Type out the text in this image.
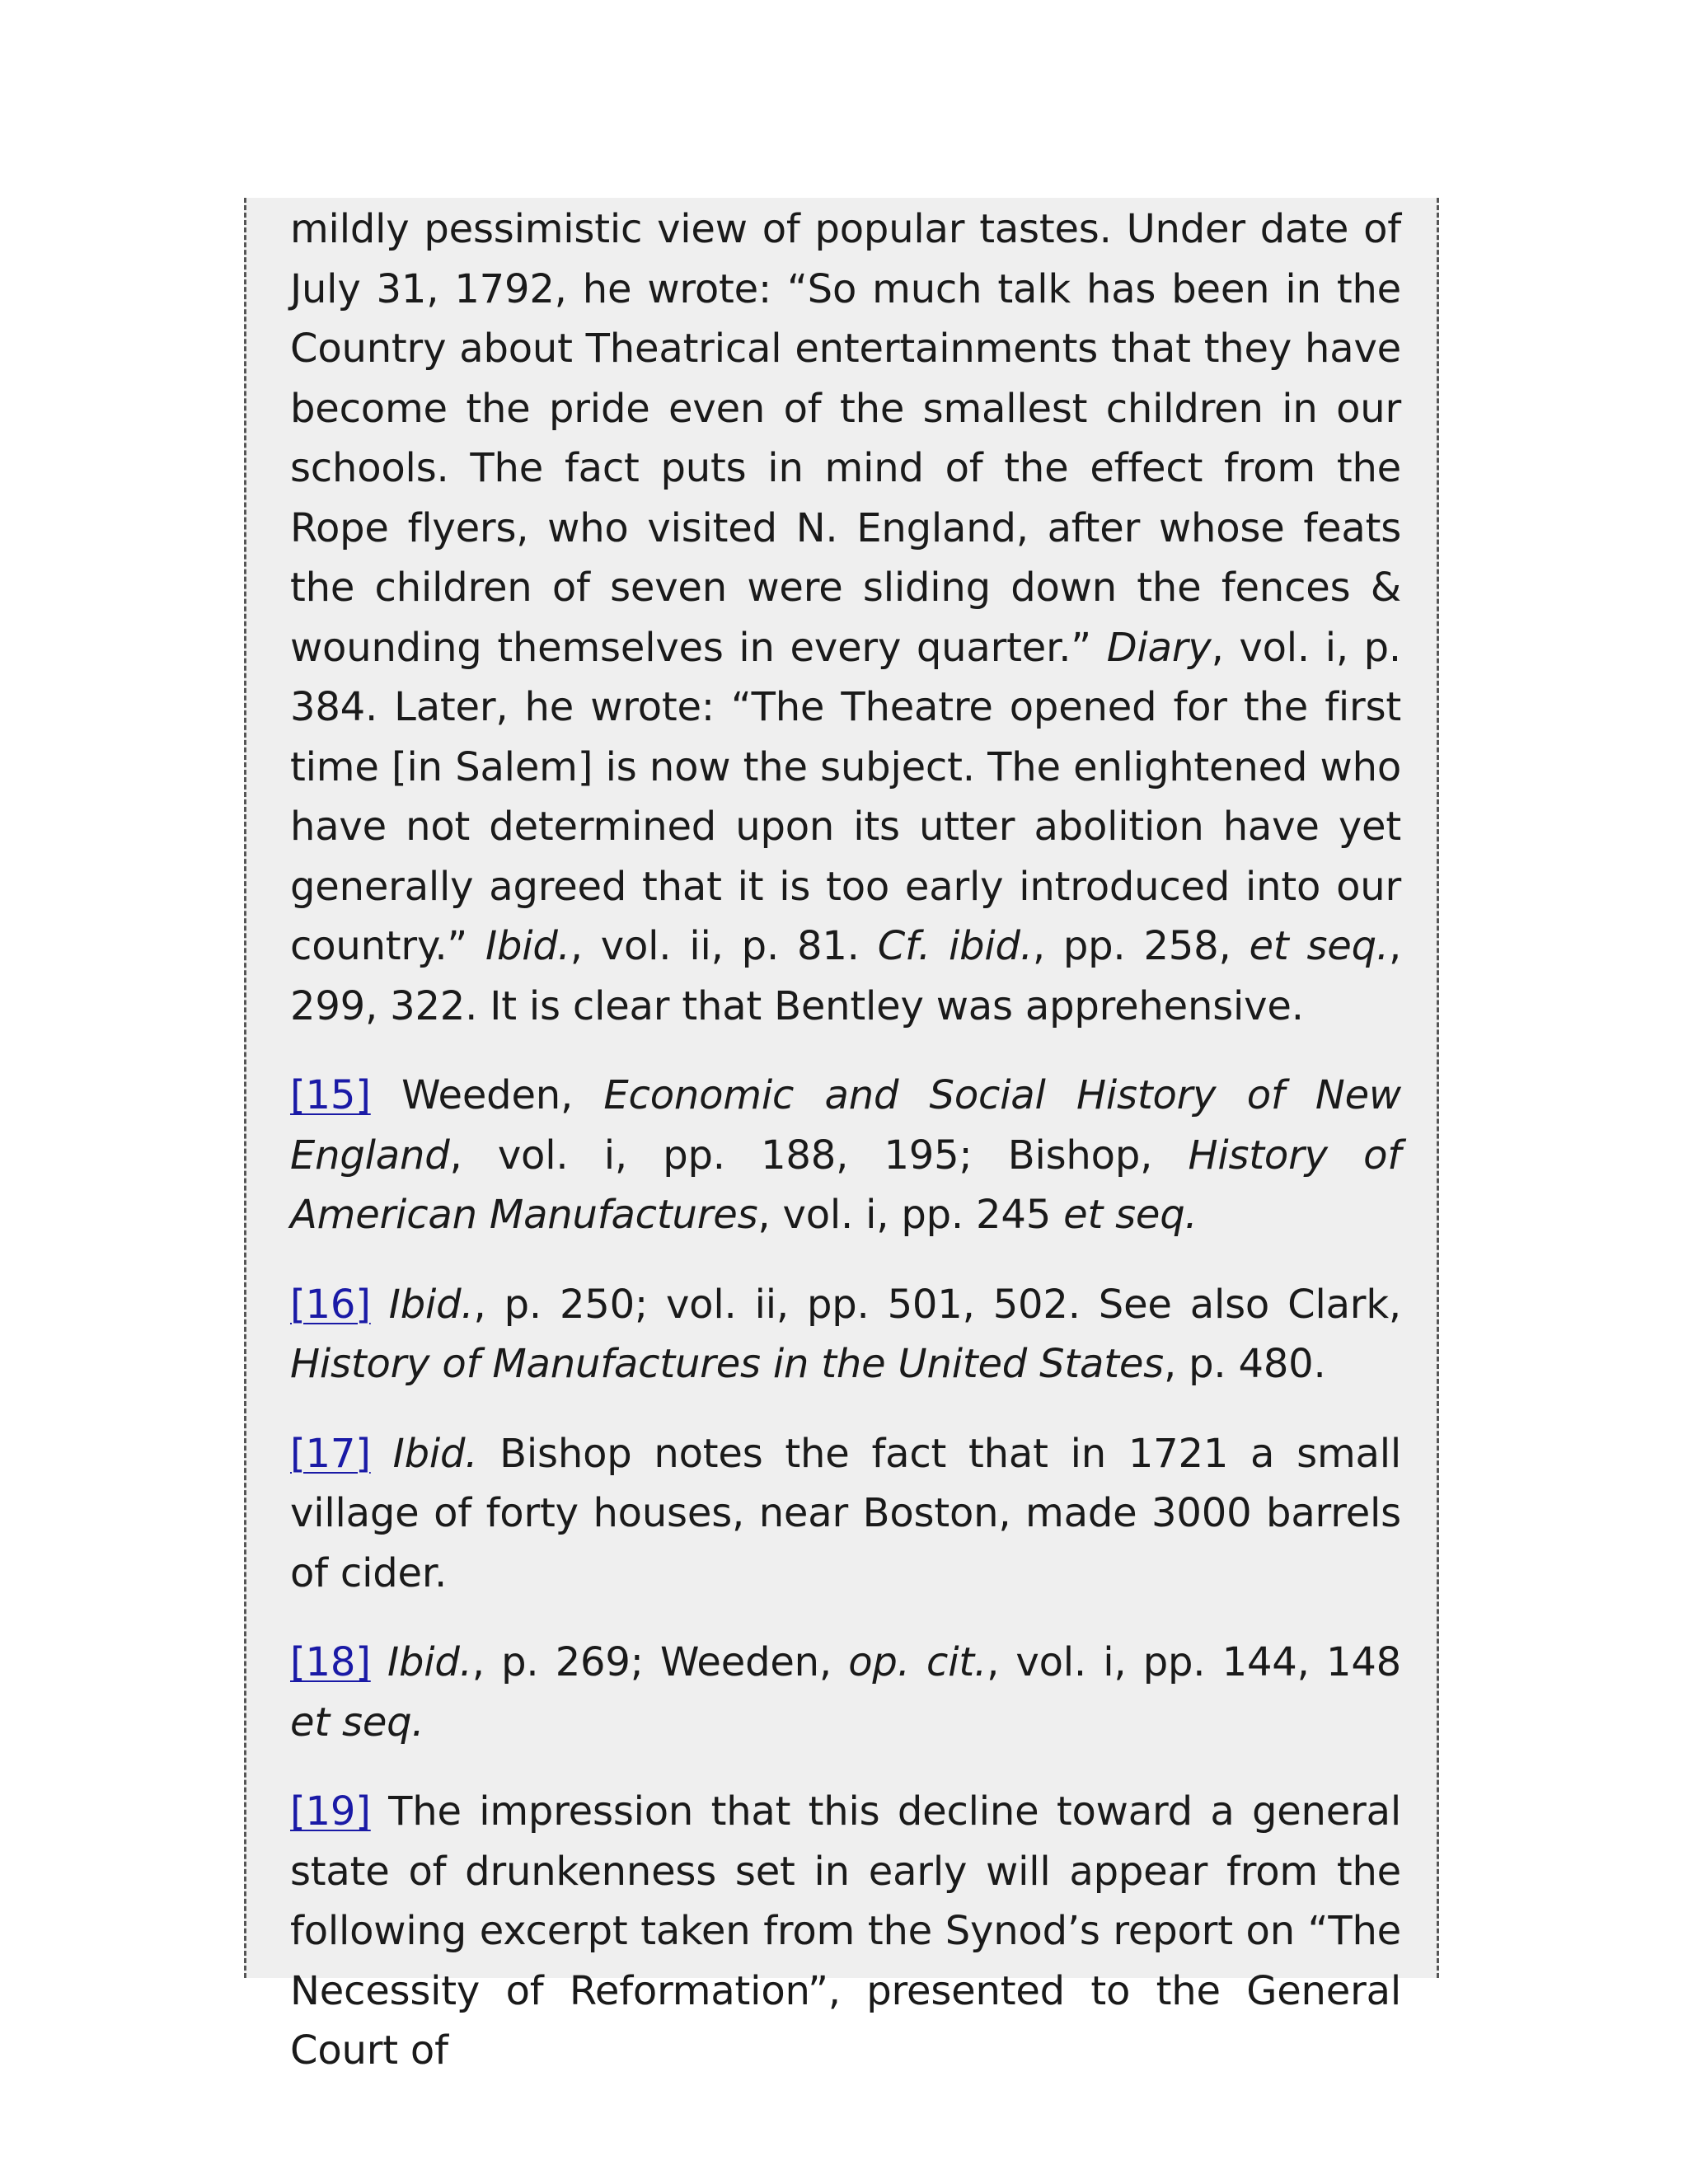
mildly pessimistic view of popular tastes. Under date of July 31, 1792, he wrote: “So much talk has been in the Country about Theatrical entertainments that they have become the pride even of the smallest children in our schools. The fact puts in mind of the effect from the Rope flyers, who visited N. England, after whose feats the children of seven were sliding down the fences & wounding themselves in every quarter.” Diary, vol. i, p. 384. Later, he wrote: “The Theatre opened for the first time [in Salem] is now the subject. The enlightened who have not determined upon its utter abolition have yet generally agreed that it is too early introduced into our country.” Ibid., vol. ii, p. 81. Cf. ibid., pp. 258, et seq., 299, 322. It is clear that Bentley was apprehensive.

[15] Weeden, Economic and Social History of New England, vol. i, pp. 188, 195; Bishop, History of American Manufactures, vol. i, pp. 245 et seq.

[16] Ibid., p. 250; vol. ii, pp. 501, 502. See also Clark, History of Manufactures in the United States, p. 480.

[17] Ibid. Bishop notes the fact that in 1721 a small village of forty houses, near Boston, made 3000 barrels of cider.

[18] Ibid., p. 269; Weeden, op. cit., vol. i, pp. 144, 148 et seq.

[19] The impression that this decline toward a general state of drunkenness set in early will appear from the following excerpt taken from the Synod’s report on “The Necessity of Reformation”, presented to the General Court of
